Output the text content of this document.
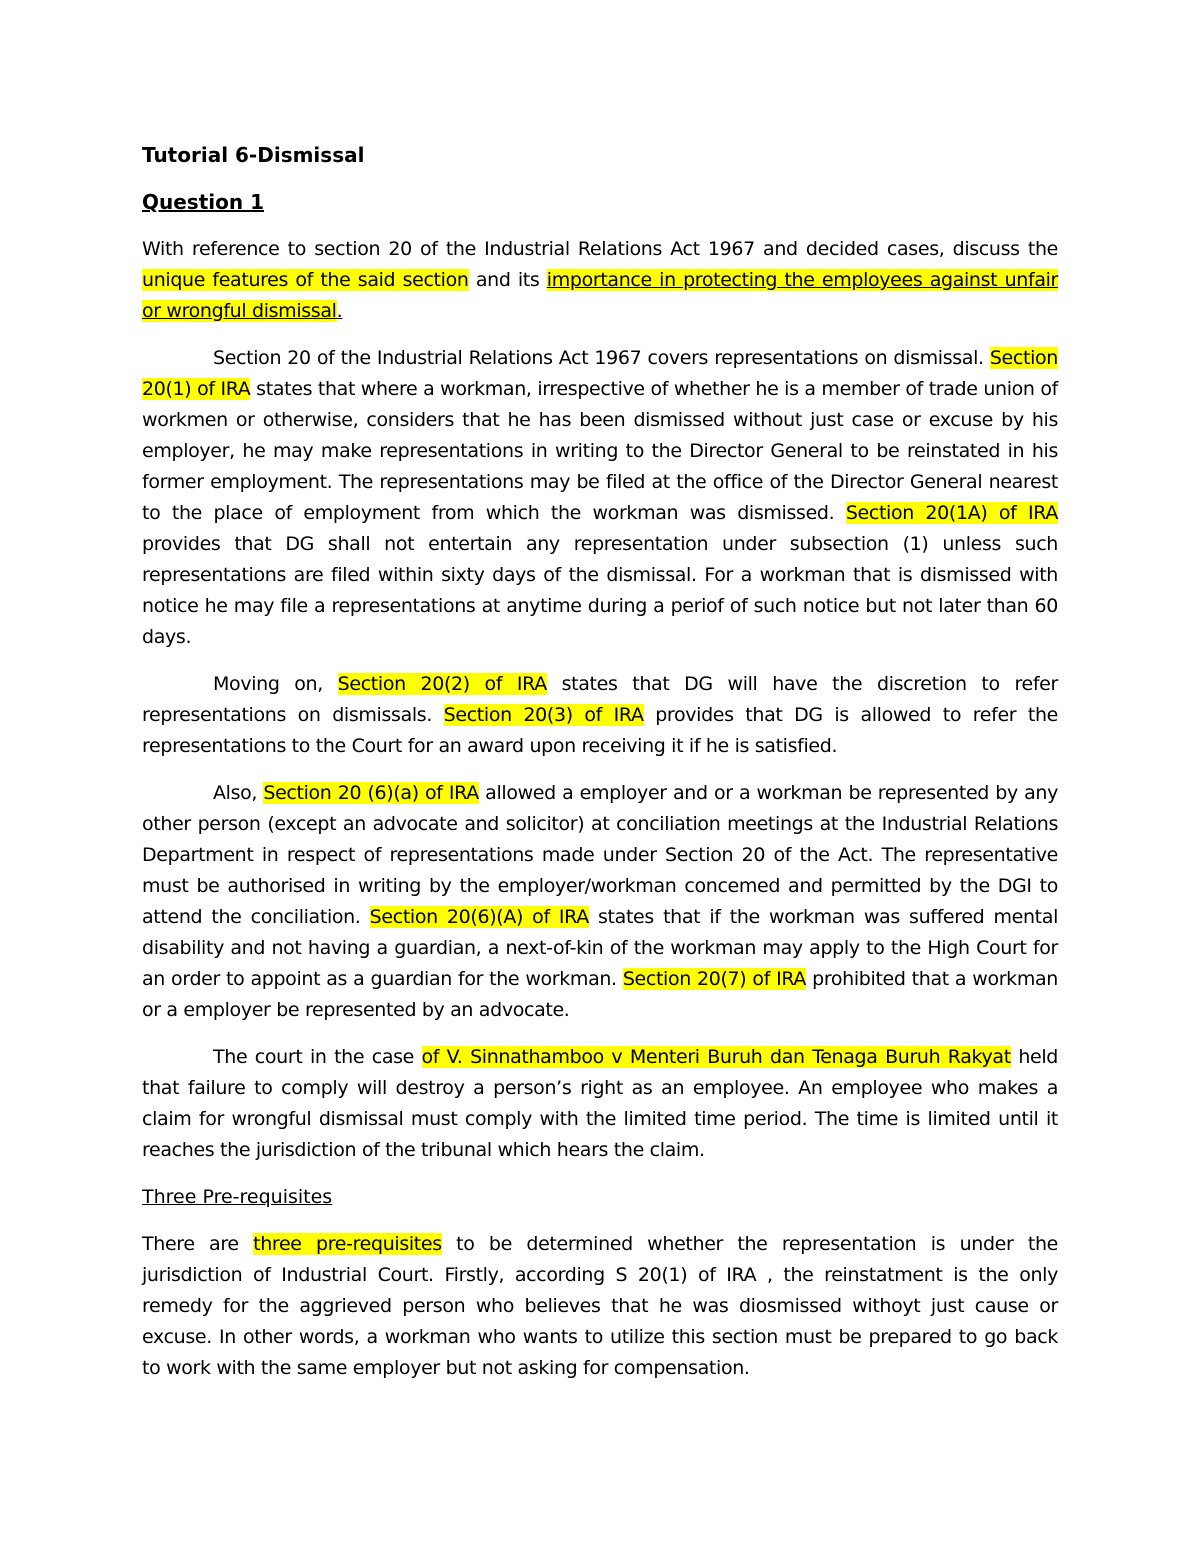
Tutorial 6-Dismissal

Question 1

With reference to section 20 of the Industrial Relations Act 1967 and decided cases, discuss the unique features of the said section and its importance in protecting the employees against unfair or wrongful dismissal.

Section 20 of the Industrial Relations Act 1967 covers representations on dismissal. Section 20(1) of IRA states that where a workman, irrespective of whether he is a member of trade union of workmen or otherwise, considers that he has been dismissed without just case or excuse by his employer, he may make representations in writing to the Director General to be reinstated in his former employment. The representations may be filed at the office of the Director General nearest to the place of employment from which the workman was dismissed. Section 20(1A) of IRA provides that DG shall not entertain any representation under subsection (1) unless such representations are filed within sixty days of the dismissal. For a workman that is dismissed with notice he may file a representations at anytime during a periof of such notice but not later than 60 days.

Moving on, Section 20(2) of IRA states that DG will have the discretion to refer representations on dismissals. Section 20(3) of IRA provides that DG is allowed to refer the representations to the Court for an award upon receiving it if he is satisfied.

Also, Section 20 (6)(a) of IRA allowed a employer and or a workman be represented by any other person (except an advocate and solicitor) at conciliation meetings at the Industrial Relations Department in respect of representations made under Section 20 of the Act. The representative must be authorised in writing by the employer/workman concemed and permitted by the DGI to attend the conciliation. Section 20(6)(A) of IRA states that if the workman was suffered mental disability and not having a guardian, a next-of-kin of the workman may apply to the High Court for an order to appoint as a guardian for the workman. Section 20(7) of IRA prohibited that a workman or a employer be represented by an advocate.

The court in the case of V. Sinnathamboo v Menteri Buruh dan Tenaga Buruh Rakyat held that failure to comply will destroy a person’s right as an employee. An employee who makes a claim for wrongful dismissal must comply with the limited time period. The time is limited until it reaches the jurisdiction of the tribunal which hears the claim.

Three Pre-requisites

There are three pre-requisites to be determined whether the representation is under the jurisdiction of Industrial Court. Firstly, according S 20(1) of IRA , the reinstatment is the only remedy for the aggrieved person who believes that he was diosmissed withoyt just cause or excuse. In other words, a workman who wants to utilize this section must be prepared to go back to work with the same employer but not asking for compensation.
